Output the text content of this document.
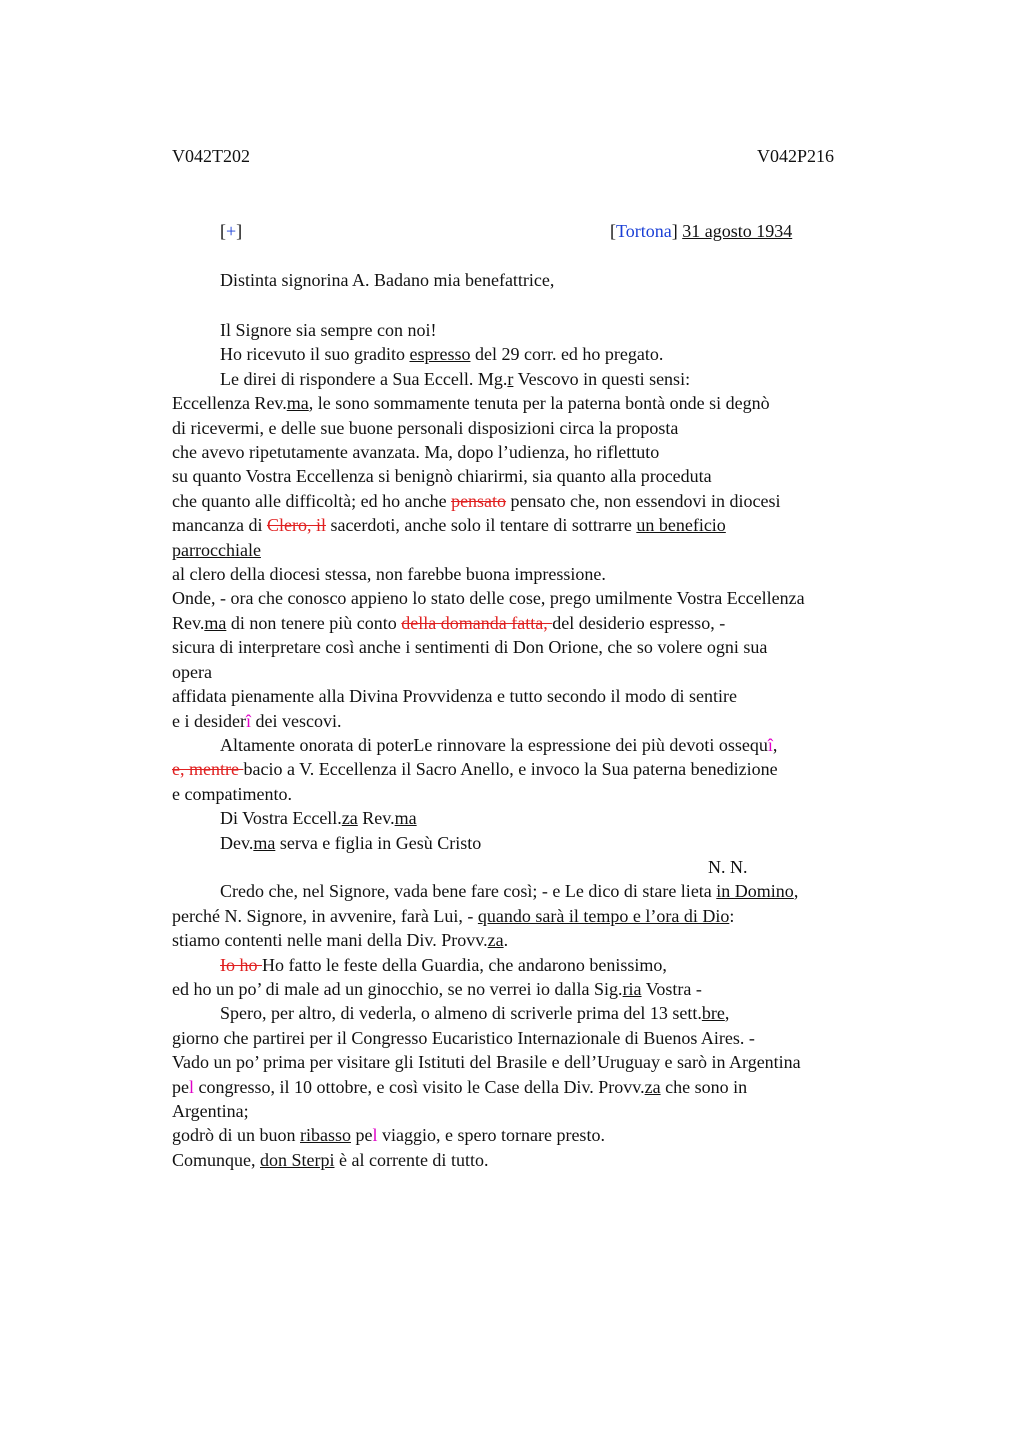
V042T202	V042P216
[+]	[Tortona] 31 agosto 1934
Distinta signorina A. Badano mia benefattrice,
Il Signore sia sempre con noi!
Ho ricevuto il suo gradito espresso del 29 corr. ed ho pregato.
Le direi di rispondere a Sua Eccell. Mg.r Vescovo in questi sensi:
Eccellenza Rev.ma, le sono sommamente tenuta per la paterna bontà onde si degnò
di ricevermi, e delle sue buone personali disposizioni circa la proposta
che avevo ripetutamente avanzata. Ma, dopo l’udienza, ho riflettuto
su quanto Vostra Eccellenza si benignò chiarirmi, sia quanto alla proceduta
che quanto alle difficoltà; ed ho anche pensato pensato che, non essendovi in diocesi
mancanza di Clero, il sacerdoti, anche solo il tentare di sottrarre un beneficio
parrocchiale
al clero della diocesi stessa, non farebbe buona impressione.
Onde, - ora che conosco appieno lo stato delle cose, prego umilmente Vostra Eccellenza
Rev.ma di non tenere più conto della domanda fatta, del desiderio espresso, -
sicura di interpretare così anche i sentimenti di Don Orione, che so volere ogni sua
opera
affidata pienamente alla Divina Provvidenza e tutto secondo il modo di sentire
e i desiderî dei vescovi.
Altamente onorata di poterLe rinnovare la espressione dei più devoti ossequî,
e, mentre bacio a V. Eccellenza il Sacro Anello, e invoco la Sua paterna benedizione
e compatimento.
Di Vostra Eccell.za Rev.ma
Dev.ma serva e figlia in Gesù Cristo
N. N.
Credo che, nel Signore, vada bene fare così; - e Le dico di stare lieta in Domino,
perché N. Signore, in avvenire, farà Lui, - quando sarà il tempo e l’ora di Dio:
stiamo contenti nelle mani della Div. Provv.za.
Io ho Ho fatto le feste della Guardia, che andarono benissimo,
ed ho un po’ di male ad un ginocchio, se no verrei io dalla Sig.ria Vostra -
Spero, per altro, di vederla, o almeno di scriverle prima del 13 sett.bre,
giorno che partirei per il Congresso Eucaristico Internazionale di Buenos Aires. -
Vado un po’ prima per visitare gli Istituti del Brasile e dell’Uruguay e sarò in Argentina
pel congresso, il 10 ottobre, e così visito le Case della Div. Provv.za che sono in
Argentina;
godrò di un buon ribasso pel viaggio, e spero tornare presto.
Comunque, don Sterpi è al corrente di tutto.
